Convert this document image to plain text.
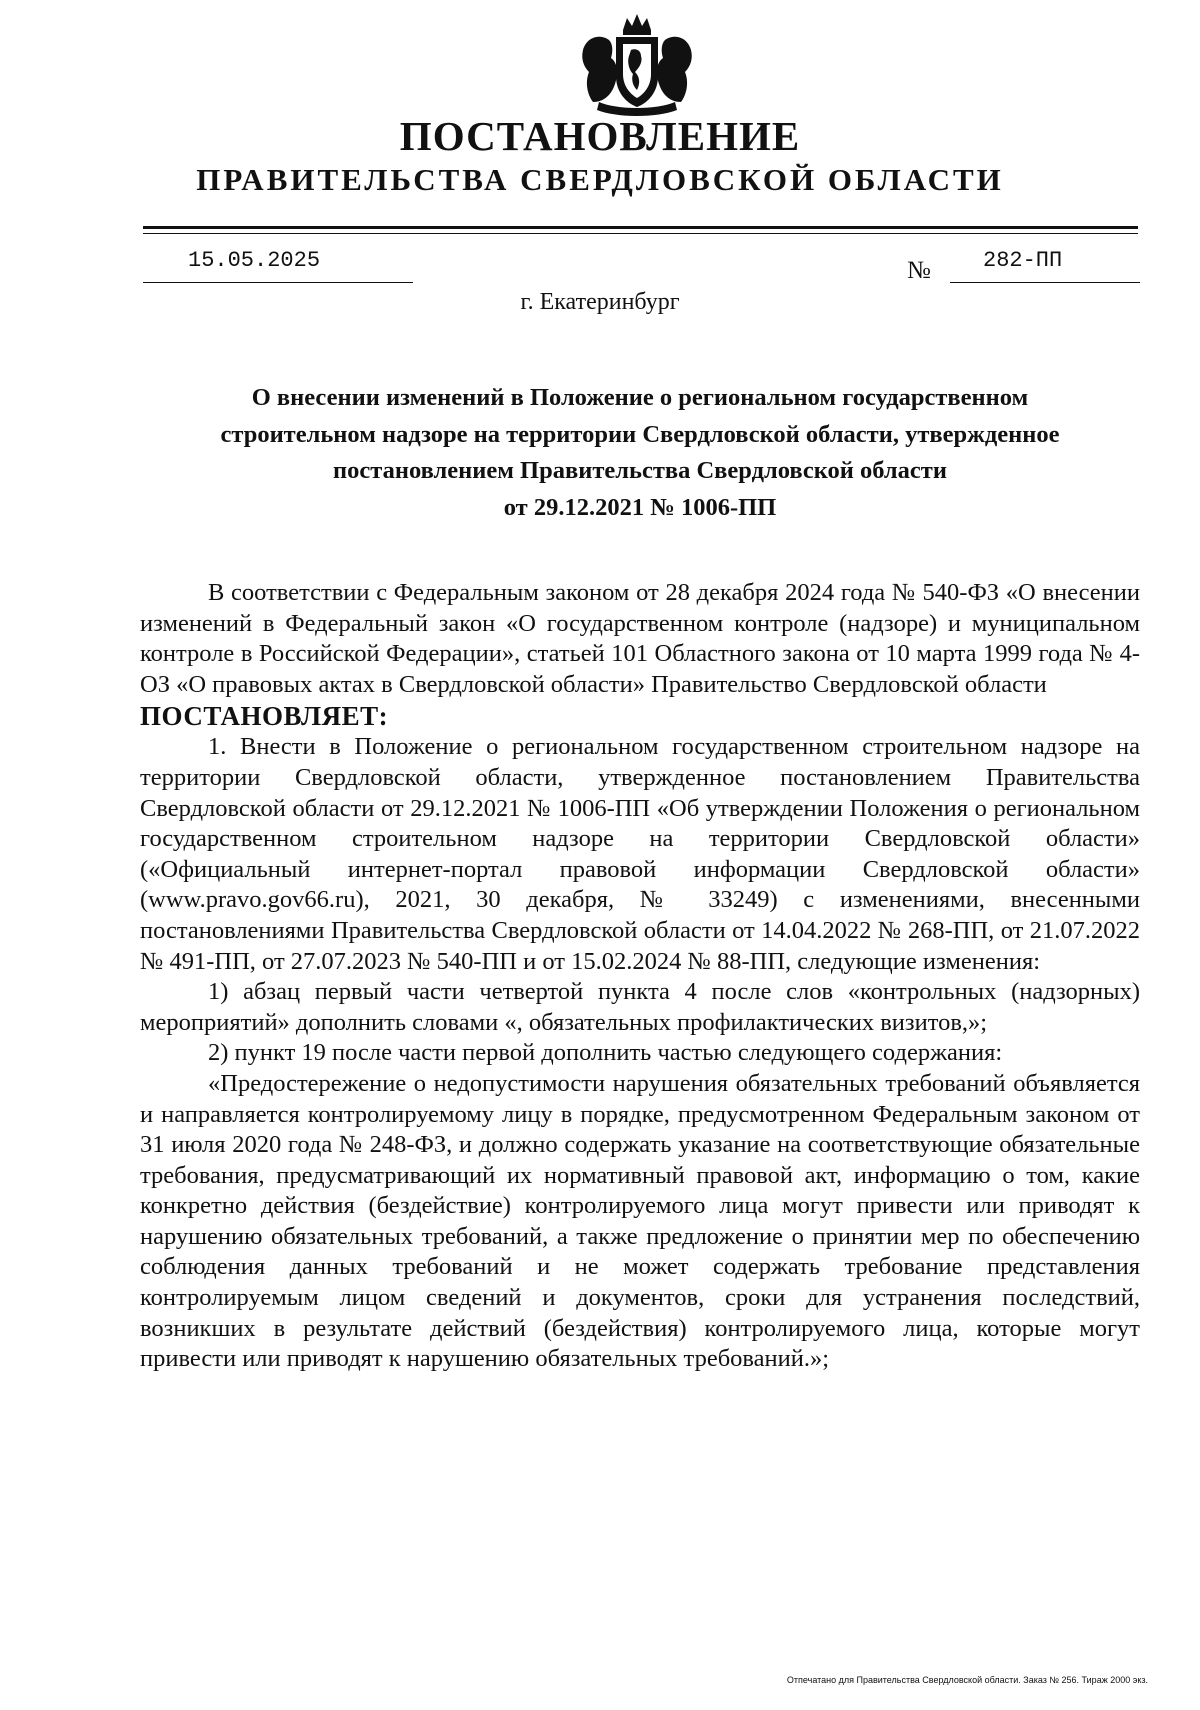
ПОСТАНОВЛЕНИЕ
ПРАВИТЕЛЬСТВА СВЕРДЛОВСКОЙ ОБЛАСТИ
15.05.2025	№ 282-ПП
г. Екатеринбург
О внесении изменений в Положение о региональном государственном
строительном надзоре на территории Свердловской области, утвержденное
постановлением Правительства Свердловской области
от 29.12.2021 № 1006-ПП

В соответствии с Федеральным законом от 28 декабря 2024 года № 540-ФЗ «О внесении изменений в Федеральный закон «О государственном контроле (надзоре) и муниципальном контроле в Российской Федерации», статьей 101 Областного закона от 10 марта 1999 года № 4-ОЗ «О правовых актах в Свердловской области» Правительство Свердловской области

ПОСТАНОВЛЯЕТ:

1. Внести в Положение о региональном государственном строительном надзоре на территории Свердловской области, утвержденное постановлением Правительства Свердловской области от 29.12.2021 № 1006-ПП «Об утверждении Положения о региональном государственном строительном надзоре на территории Свердловской области» («Официальный интернет-портал правовой информации Свердловской области» (www.pravo.gov66.ru), 2021, 30 декабря, № 33249) с изменениями, внесенными постановлениями Правительства Свердловской области от 14.04.2022 № 268-ПП, от 21.07.2022 № 491-ПП, от 27.07.2023 № 540-ПП и от 15.02.2024 № 88-ПП, следующие изменения:

1) абзац первый части четвертой пункта 4 после слов «контрольных (надзорных) мероприятий» дополнить словами «, обязательных профилактических визитов,»;

2) пункт 19 после части первой дополнить частью следующего содержания:

«Предостережение о недопустимости нарушения обязательных требований объявляется и направляется контролируемому лицу в порядке, предусмотренном Федеральным законом от 31 июля 2020 года № 248-ФЗ, и должно содержать указание на соответствующие обязательные требования, предусматривающий их нормативный правовой акт, информацию о том, какие конкретно действия (бездействие) контролируемого лица могут привести или приводят к нарушению обязательных требований, а также предложение о принятии мер по обеспечению соблюдения данных требований и не может содержать требование представления контролируемым лицом сведений и документов, сроки для устранения последствий, возникших в результате действий (бездействия) контролируемого лица, которые могут привести или приводят к нарушению обязательных требований.»;

Отпечатано для Правительства Свердловской области. Заказ № 256. Тираж 2000 экз.
